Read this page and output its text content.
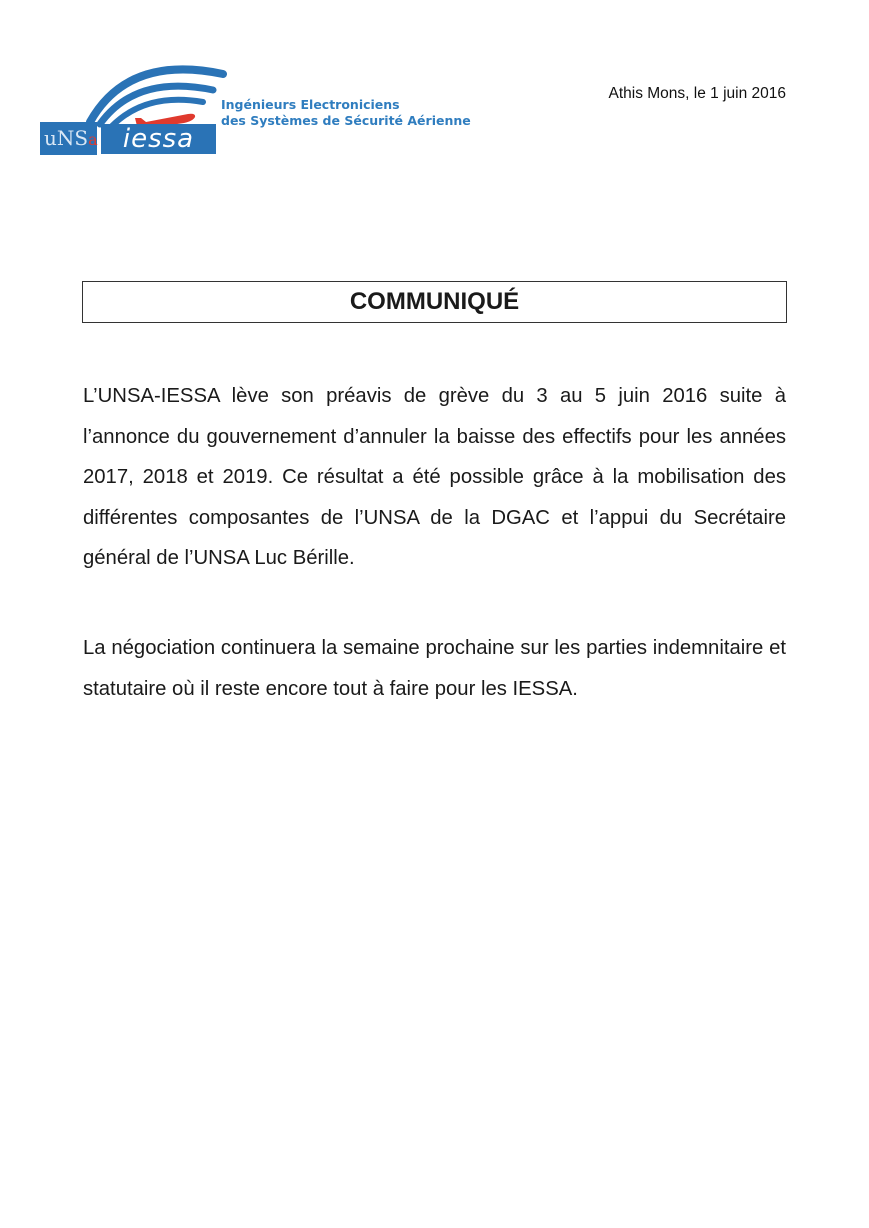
uNSa iessa
Ingénieurs Electroniciens
des Systèmes de Sécurité Aérienne
Athis Mons, le 1 juin 2016
COMMUNIQUÉ
L’UNSA-IESSA lève son préavis de grève du 3 au 5 juin 2016 suite à l’annonce du gouvernement d’annuler la baisse des effectifs pour les années 2017, 2018 et 2019. Ce résultat a été possible grâce à la mobilisation des différentes composantes de l’UNSA de la DGAC et l’appui du Secrétaire général de l’UNSA Luc Bérille.
La négociation continuera la semaine prochaine sur les parties indemnitaire et statutaire où il reste encore tout à faire pour les IESSA.
